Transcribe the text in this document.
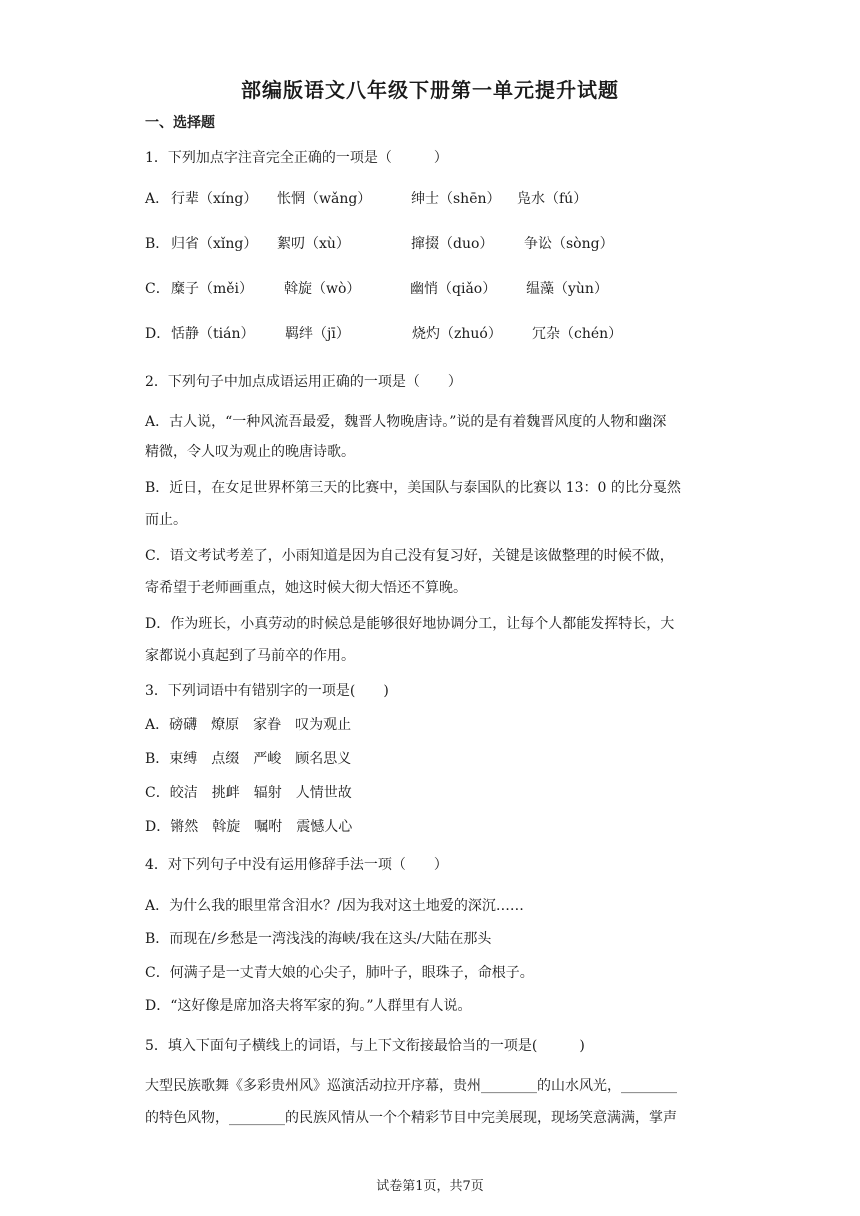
部编版语文八年级下册第一单元提升试题
一、选择题
1．下列加点字注音完全正确的一项是（　　　）
A． 行辈（xíng） 怅惘（wǎng）	绅士（shēn） 凫水（fú）
B． 归省（xǐng） 絮叨（xù）	撺掇（duo） 争讼（sòng）
C． 糜子（měi） 斡旋（wò）	幽悄（qiǎo） 缊藻（yùn）
D． 恬静（tián） 羁绊（jī）	烧灼（zhuó） 冗杂（chén）
2．下列句子中加点成语运用正确的一项是（　　）
A．古人说，“一种风流吾最爱，魏晋人物晚唐诗。”说的是有着魏晋风度的人物和幽深
精微，令人叹为观止的晚唐诗歌。
B．近日，在女足世界杯第三天的比赛中，美国队与泰国队的比赛以 13：0 的比分戛然
而止。
C．语文考试考差了，小雨知道是因为自己没有复习好，关键是该做整理的时候不做，
寄希望于老师画重点，她这时候大彻大悟还不算晚。
D．作为班长，小真劳动的时候总是能够很好地协调分工，让每个人都能发挥特长，大
家都说小真起到了马前卒的作用。
3．下列词语中有错别字的一项是(　　)
A．磅礴　燎原　家眷　叹为观止
B．束缚　点缀　严峻　顾名思义
C．皎洁　挑衅　辐射　人情世故
D．锵然　斡旋　嘱咐　震憾人心
4．对下列句子中没有运用修辞手法一项（　　）
A．为什么我的眼里常含泪水？/因为我对这土地爱的深沉……
B．而现在/乡愁是一湾浅浅的海峡/我在这头/大陆在那头
C．何满子是一丈青大娘的心尖子，肺叶子，眼珠子，命根子。
D．“这好像是席加洛夫将军家的狗。”人群里有人说。
5．填入下面句子横线上的词语，与上下文衔接最恰当的一项是(　　　)
大型民族歌舞《多彩贵州风》巡演活动拉开序幕，贵州________的山水风光，________
的特色风物，________的民族风情从一个个精彩节目中完美展现，现场笑意满满，掌声
试卷第1页，共7页
